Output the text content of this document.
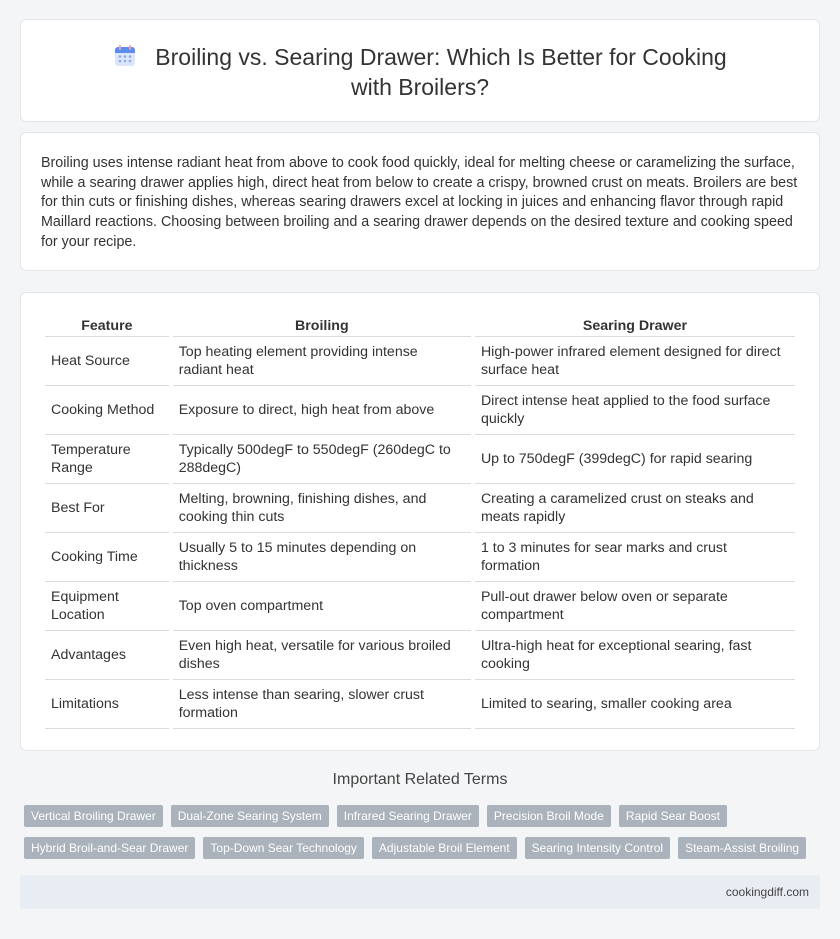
Broiling vs. Searing Drawer: Which Is Better for Cooking with Broilers?

Broiling uses intense radiant heat from above to cook food quickly, ideal for melting cheese or caramelizing the surface, while a searing drawer applies high, direct heat from below to create a crispy, browned crust on meats. Broilers are best for thin cuts or finishing dishes, whereas searing drawers excel at locking in juices and enhancing flavor through rapid Maillard reactions. Choosing between broiling and a searing drawer depends on the desired texture and cooking speed for your recipe.

Feature	Broiling	Searing Drawer
Heat Source	Top heating element providing intense radiant heat	High-power infrared element designed for direct surface heat
Cooking Method	Exposure to direct, high heat from above	Direct intense heat applied to the food surface quickly
Temperature Range	Typically 500degF to 550degF (260degC to 288degC)	Up to 750degF (399degC) for rapid searing
Best For	Melting, browning, finishing dishes, and cooking thin cuts	Creating a caramelized crust on steaks and meats rapidly
Cooking Time	Usually 5 to 15 minutes depending on thickness	1 to 3 minutes for sear marks and crust formation
Equipment Location	Top oven compartment	Pull-out drawer below oven or separate compartment
Advantages	Even high heat, versatile for various broiled dishes	Ultra-high heat for exceptional searing, fast cooking
Limitations	Less intense than searing, slower crust formation	Limited to searing, smaller cooking area
Important Related Terms
Vertical Broiling Drawer	Dual-Zone Searing System	Infrared Searing Drawer	Precision Broil Mode	Rapid Sear Boost
Hybrid Broil-and-Sear Drawer	Top-Down Sear Technology	Adjustable Broil Element	Searing Intensity Control	Steam-Assist Broiling
cookingdiff.com
